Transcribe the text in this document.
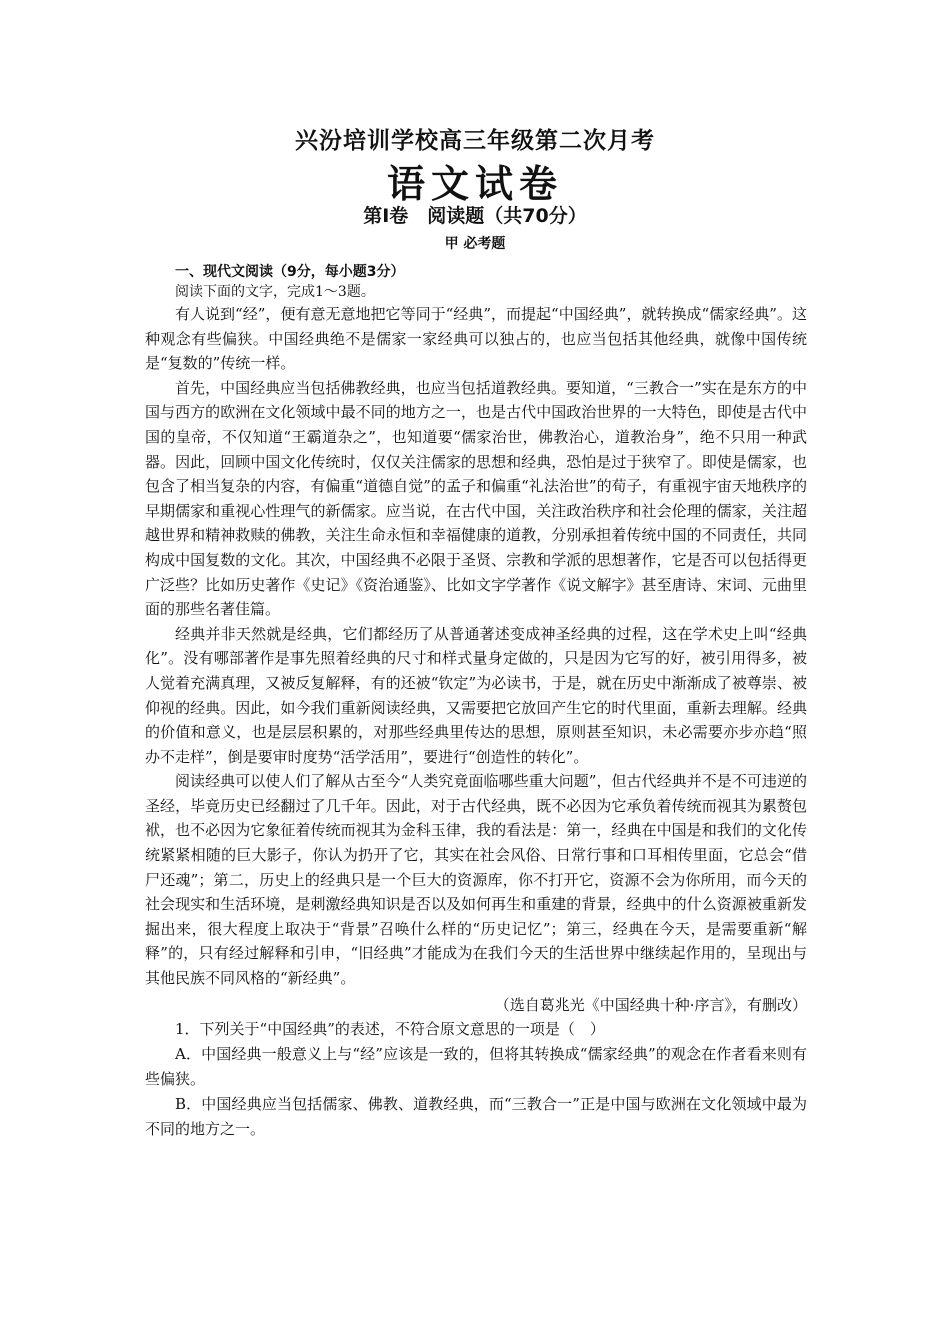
兴汾培训学校高三年级第二次月考
语文试卷
第Ⅰ卷　阅读题（共70分）
甲 必考题

一、现代文阅读（9分，每小题3分）

阅读下面的文字，完成1～3题。

有人说到“经”，便有意无意地把它等同于“经典”，而提起“中国经典”，就转换成“儒家经典”。这种观念有些偏狭。中国经典绝不是儒家一家经典可以独占的，也应当包括其他经典，就像中国传统是“复数的”传统一样。

首先，中国经典应当包括佛教经典，也应当包括道教经典。要知道，“三教合一”实在是东方的中国与西方的欧洲在文化领域中最不同的地方之一，也是古代中国政治世界的一大特色，即使是古代中国的皇帝，不仅知道“王霸道杂之”，也知道要“儒家治世，佛教治心，道教治身”，绝不只用一种武器。因此，回顾中国文化传统时，仅仅关注儒家的思想和经典，恐怕是过于狭窄了。即使是儒家，也包含了相当复杂的内容，有偏重“道德自觉”的孟子和偏重“礼法治世”的荀子，有重视宇宙天地秩序的早期儒家和重视心性理气的新儒家。应当说，在古代中国，关注政治秩序和社会伦理的儒家，关注超越世界和精神救赎的佛教，关注生命永恒和幸福健康的道教，分别承担着传统中国的不同责任，共同构成中国复数的文化。其次，中国经典不必限于圣贤、宗教和学派的思想著作，它是否可以包括得更广泛些？比如历史著作《史记》《资治通鉴》、比如文字学著作《说文解字》甚至唐诗、宋词、元曲里面的那些名著佳篇。

经典并非天然就是经典，它们都经历了从普通著述变成神圣经典的过程，这在学术史上叫“经典化”。没有哪部著作是事先照着经典的尺寸和样式量身定做的，只是因为它写的好，被引用得多，被人觉着充满真理，又被反复解释，有的还被“钦定”为必读书，于是，就在历史中渐渐成了被尊崇、被仰视的经典。因此，如今我们重新阅读经典，又需要把它放回产生它的时代里面，重新去理解。经典的价值和意义，也是层层积累的，对那些经典里传达的思想，原则甚至知识，未必需要亦步亦趋“照办不走样”，倒是要审时度势“活学活用”，要进行“创造性的转化”。

阅读经典可以使人们了解从古至今“人类究竟面临哪些重大问题”，但古代经典并不是不可违逆的圣经，毕竟历史已经翻过了几千年。因此，对于古代经典，既不必因为它承负着传统而视其为累赘包袱，也不必因为它象征着传统而视其为金科玉律，我的看法是：第一，经典在中国是和我们的文化传统紧紧相随的巨大影子，你认为扔开了它，其实在社会风俗、日常行事和口耳相传里面，它总会“借尸还魂”；第二，历史上的经典只是一个巨大的资源库，你不打开它，资源不会为你所用，而今天的社会现实和生活环境，是刺激经典知识是否以及如何再生和重建的背景，经典中的什么资源被重新发掘出来，很大程度上取决于“背景”召唤什么样的“历史记忆”；第三，经典在今天，是需要重新“解释”的，只有经过解释和引申，“旧经典”才能成为在我们今天的生活世界中继续起作用的，呈现出与其他民族不同风格的“新经典”。

（选自葛兆光《中国经典十种·序言》，有删改）

1．下列关于“中国经典”的表述，不符合原文意思的一项是（　）

A．中国经典一般意义上与“经”应该是一致的，但将其转换成“儒家经典”的观念在作者看来则有些偏狭。

B．中国经典应当包括儒家、佛教、道教经典，而“三教合一”正是中国与欧洲在文化领域中最为不同的地方之一。
